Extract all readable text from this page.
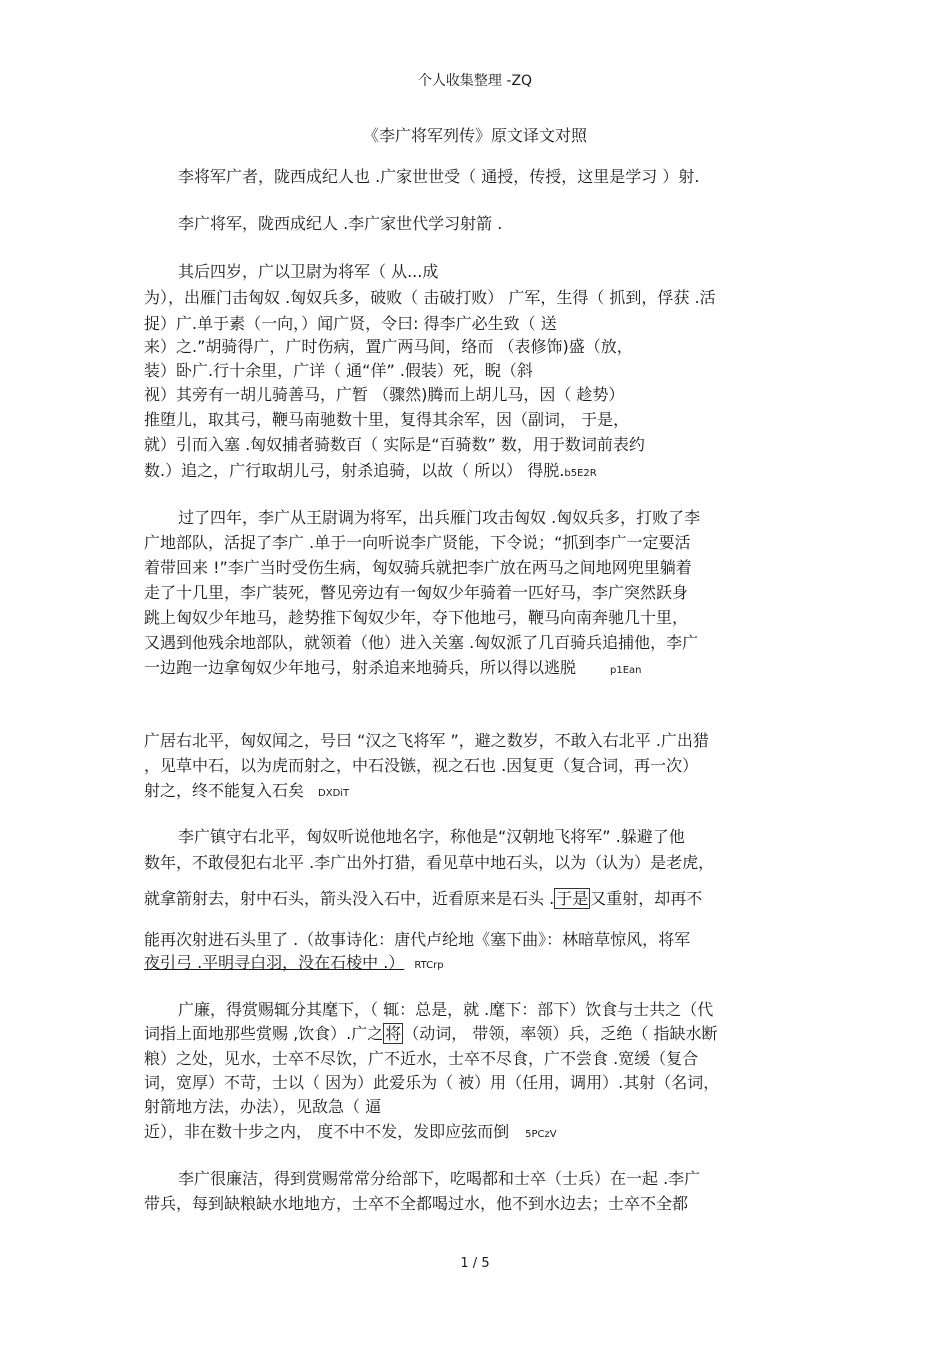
个人收集整理 -ZQ
《李广将军列传》原文译文对照
李将军广者，陇西成纪人也 .广家世世受（ 通授，传授，这里是学习 ）射.
李广将军，陇西成纪人 .李广家世代学习射箭 .
其后四岁，广以卫尉为将军（ 从...成
为），出雁门击匈奴 .匈奴兵多，破败（ 击破打败） 广军，生得（ 抓到，俘获 .活
捉）广.单于素（一向，）闻广贤，令曰: 得李广必生致（ 送
来）之.”胡骑得广，广时伤病，置广两马间，络而 （表修饰)盛（放，
装）卧广.行十余里，广详（ 通“佯” .假装）死，睨（斜
视）其旁有一胡儿骑善马，广暂 （骤然)腾而上胡儿马，因（ 趁势）
推堕儿，取其弓，鞭马南驰数十里，复得其余军，因（副词， 于是，
就）引而入塞 .匈奴捕者骑数百（ 实际是“百骑数” 数，用于数词前表约
数.）追之，广行取胡儿弓，射杀追骑，以故（ 所以） 得脱.b5E2R
过了四年，李广从王尉调为将军，出兵雁门攻击匈奴 .匈奴兵多，打败了李
广地部队，活捉了李广 .单于一向听说李广贤能，下令说；“抓到李广一定要活
着带回来 !”李广当时受伤生病，匈奴骑兵就把李广放在两马之间地网兜里躺着
走了十几里，李广装死，瞥见旁边有一匈奴少年骑着一匹好马，李广突然跃身
跳上匈奴少年地马，趁势推下匈奴少年，夺下他地弓，鞭马向南奔驰几十里，
又遇到他残余地部队，就领着（他）进入关塞 .匈奴派了几百骑兵追捕他，李广
一边跑一边拿匈奴少年地弓，射杀追来地骑兵，所以得以逃脱	p1Ean
广居右北平，匈奴闻之，号曰 “汉之飞将军 ”，避之数岁，不敢入右北平 .广出猎
，见草中石，以为虎而射之，中石没镞，视之石也 .因复更（复合词，再一次）
射之，终不能复入石矣 DXDiT
李广镇守右北平，匈奴听说他地名字，称他是“汉朝地飞将军” .躲避了他
数年，不敢侵犯右北平 .李广出外打猎，看见草中地石头，以为（认为）是老虎，
就拿箭射去，射中石头，箭头没入石中，近看原来是石头 . 于是 又重射，却再不
能再次射进石头里了 .（故事诗化：唐代卢纶地《塞下曲》：林暗草惊风，将军
夜引弓 .平明寻白羽，没在石棱中 .） RTCrp
广廉，得赏赐辄分其麾下，（ 辄：总是，就 .麾下：部下）饮食与士共之（代
词指上面地那些赏赐 ,饮食）.广之 将 （动词， 带领，率领）兵，乏绝（ 指缺水断
粮）之处，见水，士卒不尽饮，广不近水，士卒不尽食，广不尝食 .宽缓（复合
词，宽厚）不苛，士以（ 因为）此爱乐为（ 被）用（任用，调用）.其射（名词，
射箭地方法，办法），见敌急（ 逼
近），非在数十步之内， 度不中不发，发即应弦而倒 5PCzV
李广很廉洁，得到赏赐常常分给部下，吃喝都和士卒（士兵）在一起 .李广
带兵，每到缺粮缺水地地方，士卒不全都喝过水，他不到水边去；士卒不全都
1 / 5
